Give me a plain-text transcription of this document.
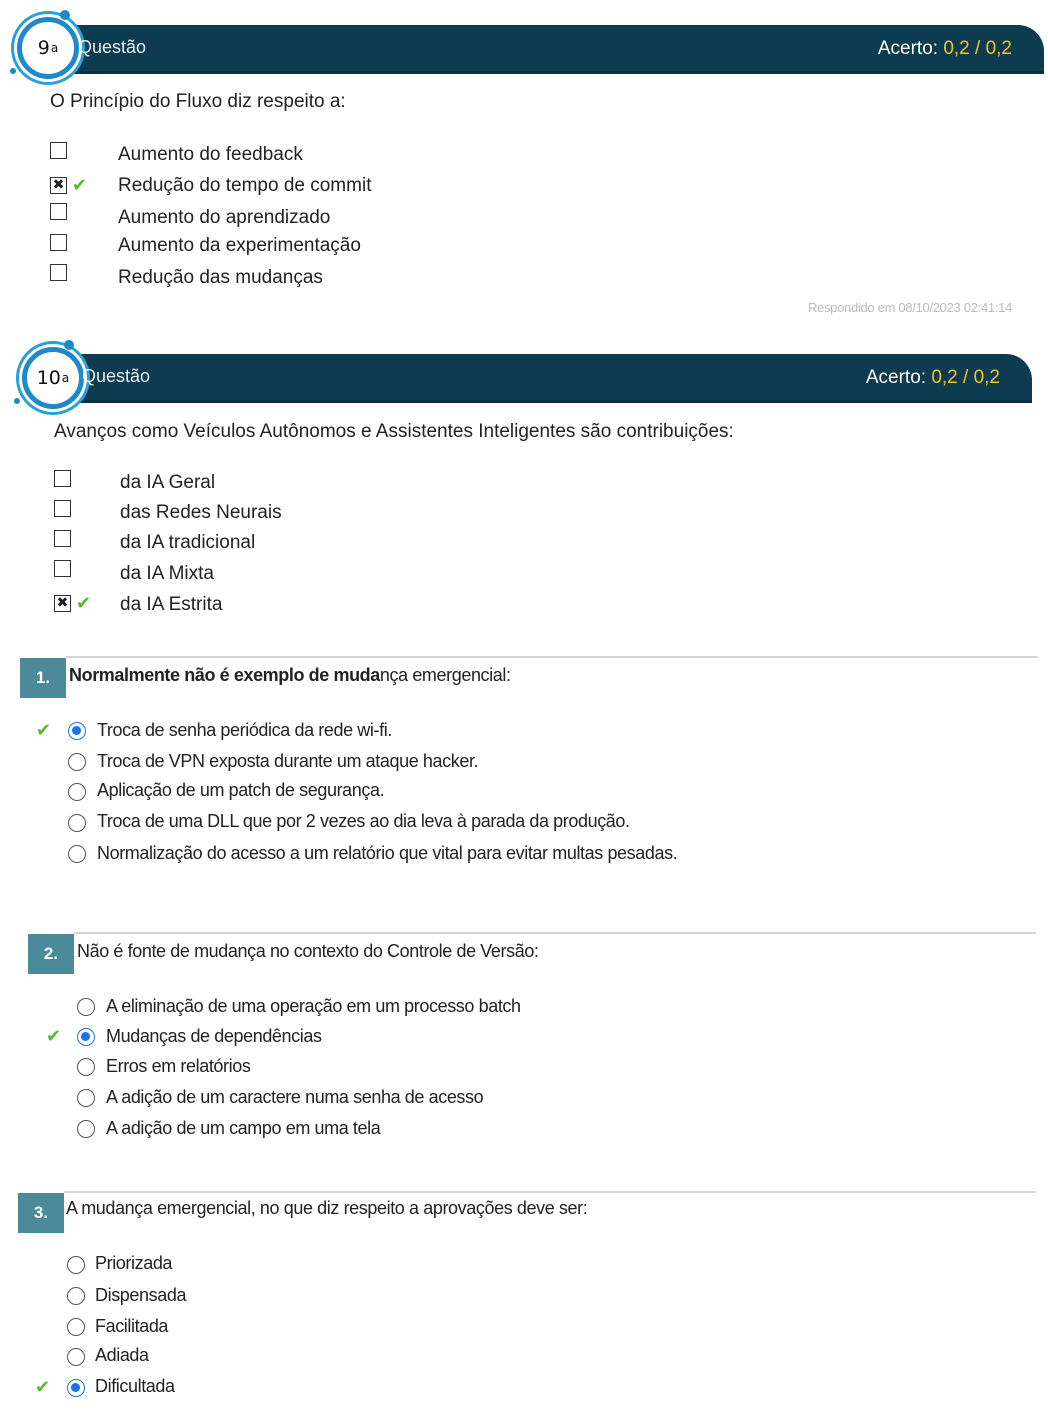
9 a Questão	Acerto: 0,2 / 0,2
O Princípio do Fluxo diz respeito a:
Aumento do feedback
✖ ✔ Redução do tempo de commit
Aumento do aprendizado
Aumento da experimentação
Redução das mudanças
Respondido em 08/10/2023 02:41:14
10 a Questão	Acerto: 0,2 / 0,2
Avanços como Veículos Autônomos e Assistentes Inteligentes são contribuições:
da IA Geral
das Redes Neurais
da IA tradicional
da IA Mixta
✖ ✔ da IA Estrita
1.	Normalmente não é exemplo de mudança emergencial:
✔	Troca de senha periódica da rede wi-fi.
Troca de VPN exposta durante um ataque hacker.
Aplicação de um patch de segurança.
Troca de uma DLL que por 2 vezes ao dia leva à parada da produção.
Normalização do acesso a um relatório que vital para evitar multas pesadas.
2.	Não é fonte de mudança no contexto do Controle de Versão:
A eliminação de uma operação em um processo batch
✔ Mudanças de dependências
Erros em relatórios
A adição de um caractere numa senha de acesso
A adição de um campo em uma tela
3. A mudança emergencial, no que diz respeito a aprovações deve ser:
Priorizada
Dispensada
Facilitada
Adiada
✔ Dificultada
